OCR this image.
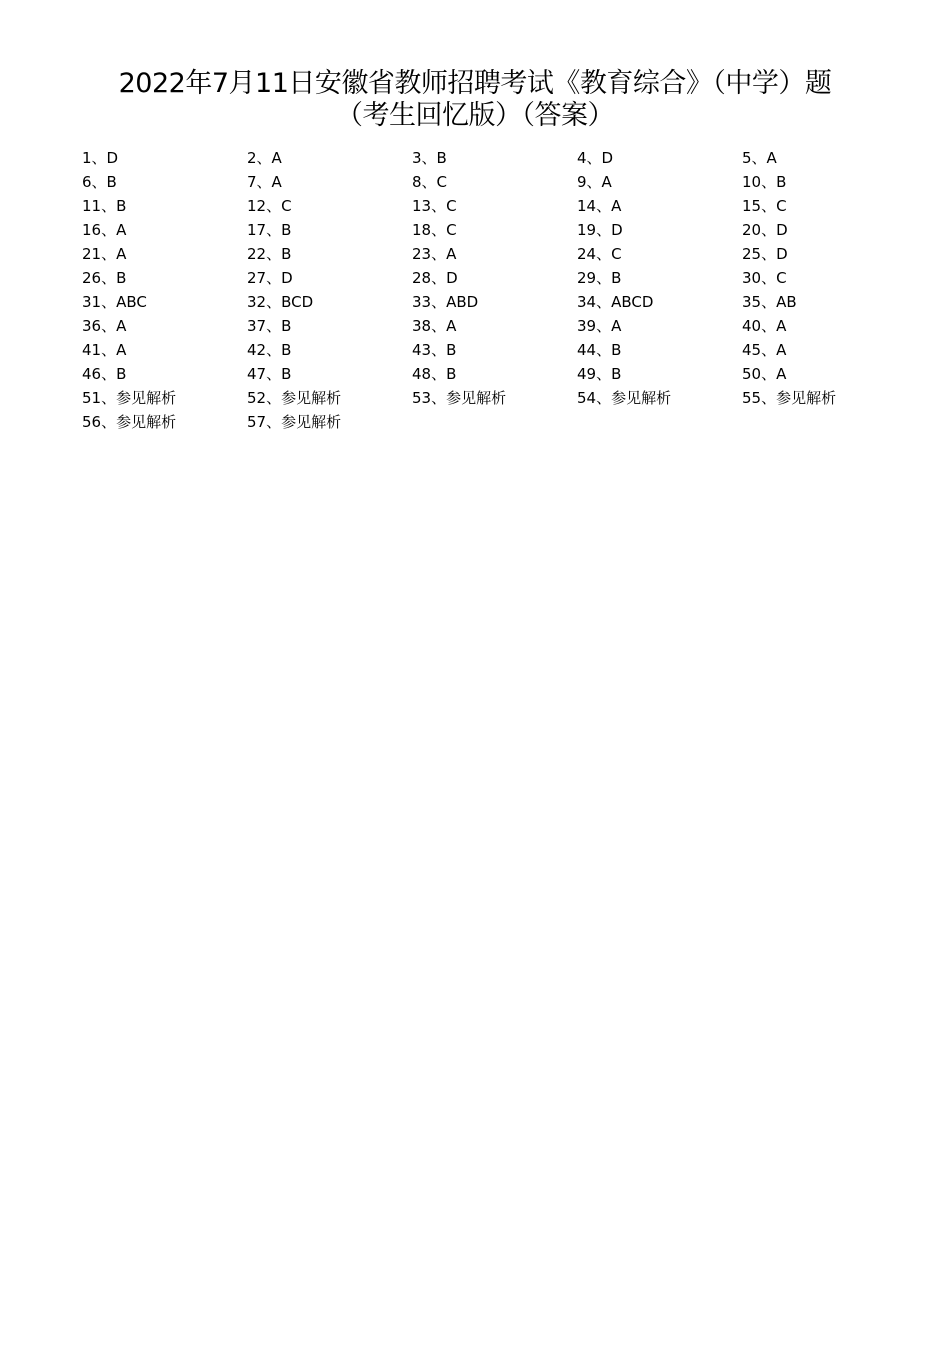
2022年7月11日安徽省教师招聘考试《教育综合》（中学）题
（考生回忆版）（答案）
1、D	2、A	3、B	4、D	5、A
6、B	7、A	8、C	9、A	10、B
11、B	12、C	13、C	14、A	15、C
16、A	17、B	18、C	19、D	20、D
21、A	22、B	23、A	24、C	25、D
26、B	27、D	28、D	29、B	30、C
31、ABC	32、BCD	33、ABD	34、ABCD	35、AB
36、A	37、B	38、A	39、A	40、A
41、A	42、B	43、B	44、B	45、A
46、B	47、B	48、B	49、B	50、A
51、参见解析	52、参见解析	53、参见解析	54、参见解析	55、参见解析
56、参见解析	57、参见解析
